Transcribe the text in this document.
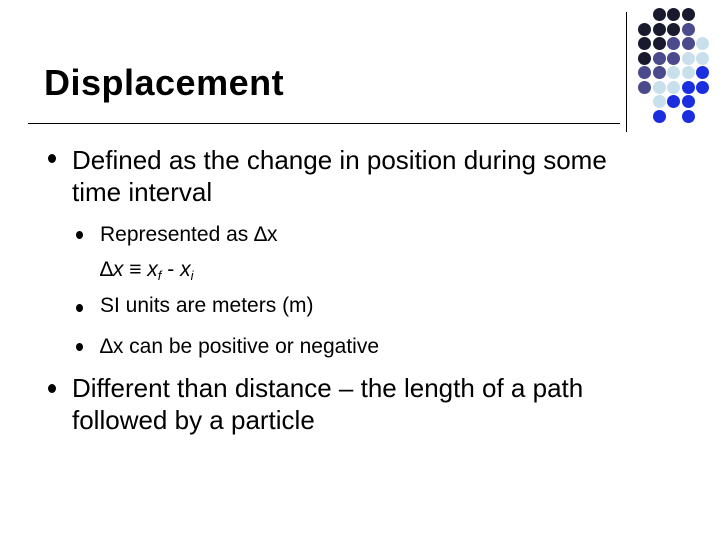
Displacement

Defined as the change in position during some time interval

Represented as ∆x

$\Delta x \equiv x_f - x_i$

SI units are meters (m)

∆x can be positive or negative

Different than distance – the length of a path followed by a particle
